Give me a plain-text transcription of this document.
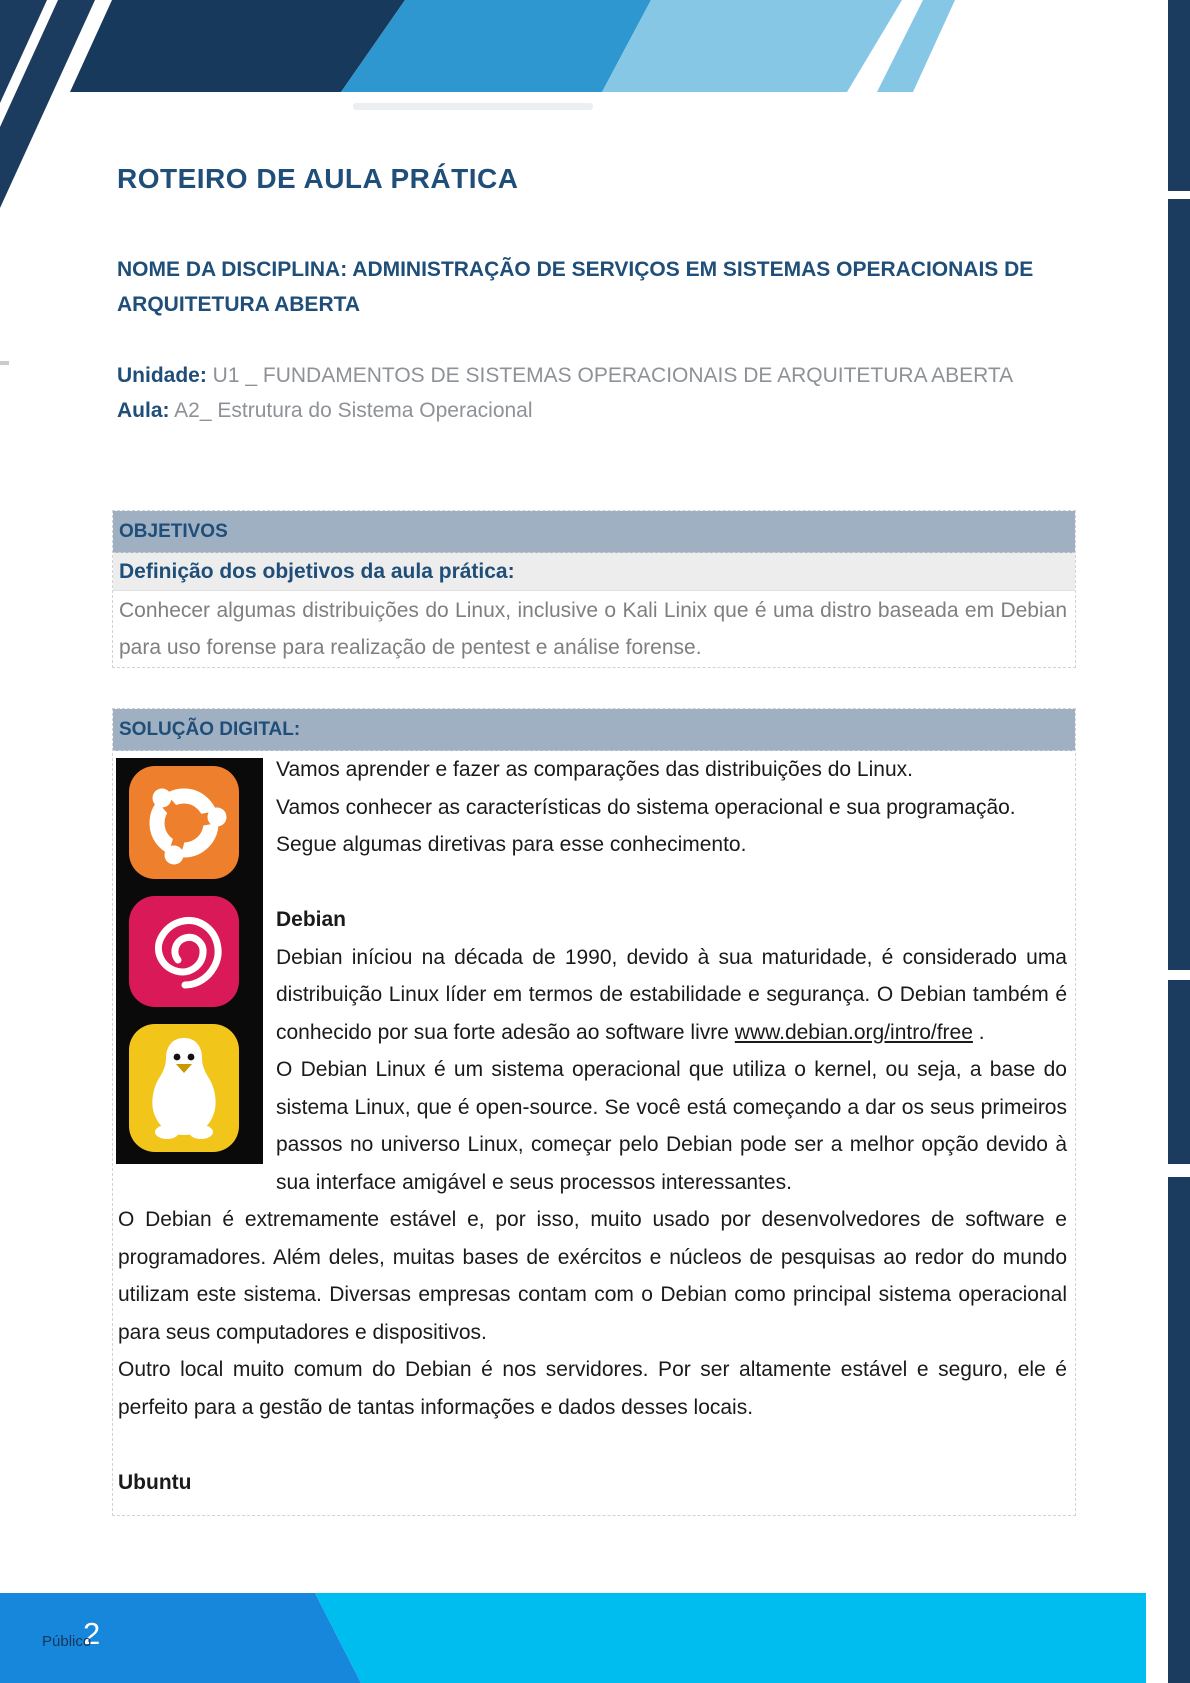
ROTEIRO DE AULA PRÁTICA
NOME DA DISCIPLINA: ADMINISTRAÇÃO DE SERVIÇOS EM SISTEMAS OPERACIONAIS DE ARQUITETURA ABERTA
Unidade: U1 _ FUNDAMENTOS DE SISTEMAS OPERACIONAIS DE ARQUITETURA ABERTA
Aula: A2_ Estrutura do Sistema Operacional
OBJETIVOS
Definição dos objetivos da aula prática:
Conhecer algumas distribuições do Linux, inclusive o Kali Linix que é uma distro baseada em Debian para uso forense para realização de pentest e análise forense.
SOLUÇÃO DIGITAL:

Vamos aprender e fazer as comparações das distribuições do Linux.

Vamos conhecer as características do sistema operacional e sua programação.

Segue algumas diretivas para esse conhecimento.

Debian

Debian iníciou na década de 1990, devido à sua maturidade, é considerado uma distribuição Linux líder em termos de estabilidade e segurança. O Debian também é conhecido por sua forte adesão ao software livre www.debian.org/intro/free .

O Debian Linux é um sistema operacional que utiliza o kernel, ou seja, a base do sistema Linux, que é open-source. Se você está começando a dar os seus primeiros passos no universo Linux, começar pelo Debian pode ser a melhor opção devido à sua interface amigável e seus processos interessantes.

O Debian é extremamente estável e, por isso, muito usado por desenvolvedores de software e programadores. Além deles, muitas bases de exércitos e núcleos de pesquisas ao redor do mundo utilizam este sistema. Diversas empresas contam com o Debian como principal sistema operacional para seus computadores e dispositivos.

Outro local muito comum do Debian é nos servidores. Por ser altamente estável e seguro, ele é perfeito para a gestão de tantas informações e dados desses locais.

Ubuntu

2
Público
